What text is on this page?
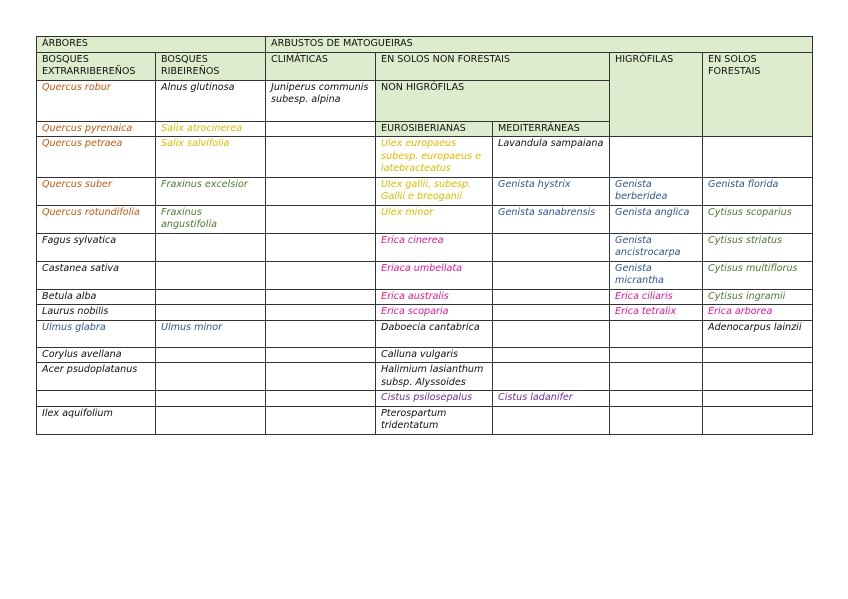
ÁRBORES		ARBUSTOS DE MATOGUEIRAS				
BOSQUES EXTRARRIBEREÑOS	BOSQUES RIBEIREÑOS	CLIMÁTICAS	EN SOLOS NON FORESTAIS		HIGRÓFILAS	EN SOLOS FORESTAIS
Quercus robur	Alnus glutinosa	Juniperus communis subesp. alpina	NON HIGRÓFILAS			

Quercus pyrenaica	Salix atrocinerea		EUROSIBERIANAS	MEDITERRÁNEAS		
Quercus petraea	Salix salvifolia		Ulex europaeus subesp. europaeus e latebracteatus	Lavandula sampaiana		
Quercus suber	Fraxinus excelsior		Ulex gallii, subesp. Gallii e breoganii	Genista hystrix	Genista berberidea	Genista florida
Quercus rotundifolia	Fraxinus angustifolia		Ulex minor	Genista sanabrensis	Genista anglica	Cytisus scoparius
Fagus sylvatica			Erica cinerea		Genista ancistrocarpa	Cytisus striatus
Castanea sativa			Eriaca umbellata		Genista micrantha	Cytisus multiflorus
Betula alba			Erica australis		Erica ciliaris	Cytisus ingramii
Laurus nobilis			Erica scoparia		Erica tetralix	Erica arborea
Ulmus glabra	Ulmus minor		Daboecia cantabrica			Adenocarpus lainzii
Corylus avellana			Calluna vulgaris			
Acer psudoplatanus			Halimium lasianthum subsp. Alyssoides			
			Cistus psilosepalus	Cistus ladanifer		
Ilex aquifolium			Pterospartum tridentatum			
